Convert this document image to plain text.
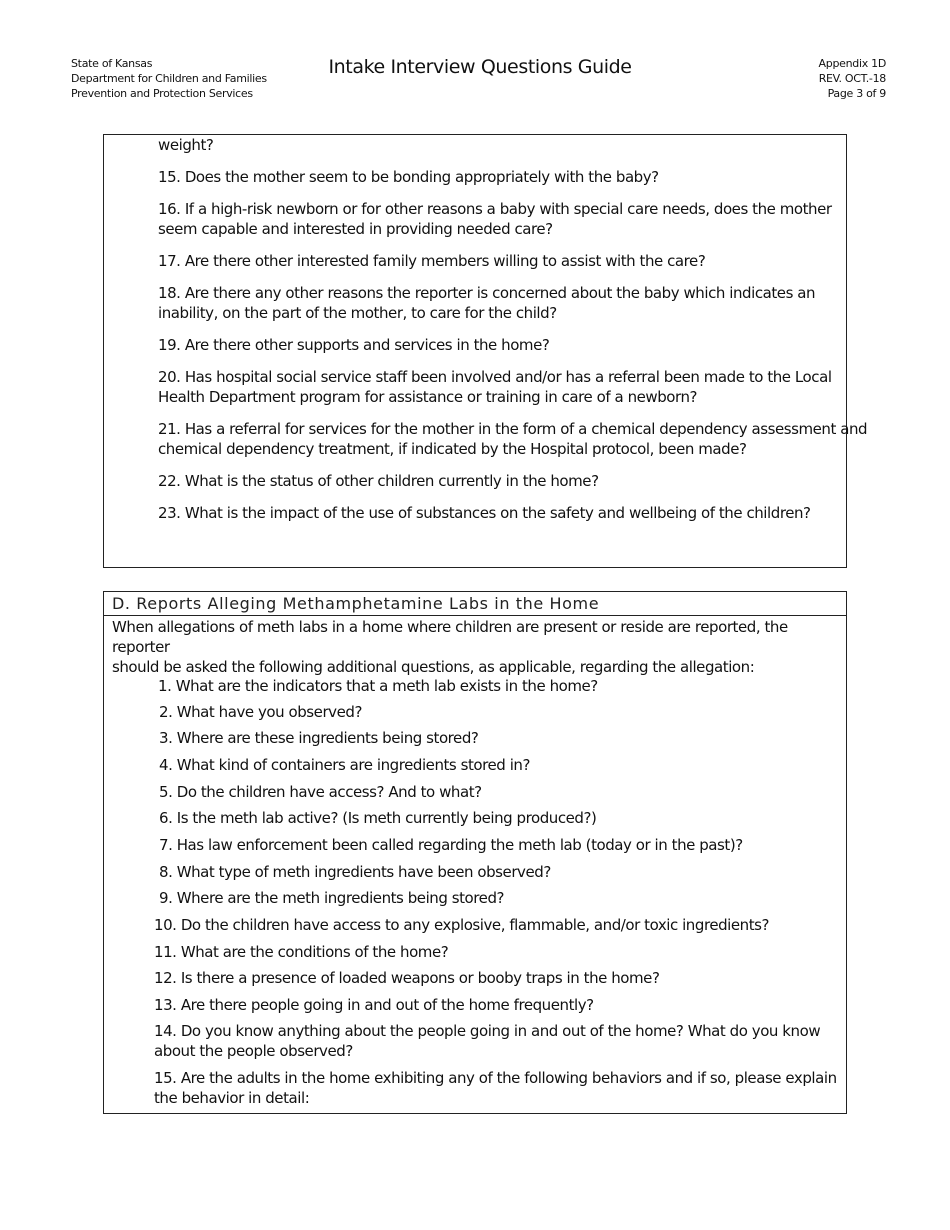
State of Kansas
Department for Children and Families
Prevention and Protection Services
Intake Interview Questions Guide	Appendix 1D
REV. OCT.-18
Page 3 of 9
weight?
15. Does the mother seem to be bonding appropriately with the baby?
16. If a high-risk newborn or for other reasons a baby with special care needs, does the mother
seem capable and interested in providing needed care?
17. Are there other interested family members willing to assist with the care?
18. Are there any other reasons the reporter is concerned about the baby which indicates an
inability, on the part of the mother, to care for the child?
19. Are there other supports and services in the home?
20. Has hospital social service staff been involved and/or has a referral been made to the Local
Health Department program for assistance or training in care of a newborn?
21. Has a referral for services for the mother in the form of a chemical dependency assessment and
chemical dependency treatment, if indicated by the Hospital protocol, been made?
22. What is the status of other children currently in the home?
23. What is the impact of the use of substances on the safety and wellbeing of the children?
D. Reports Alleging Methamphetamine Labs in the Home
When allegations of meth labs in a home where children are present or reside are reported, the reporter
should be asked the following additional questions, as applicable, regarding the allegation:
1. What are the indicators that a meth lab exists in the home?
2. What have you observed?
3. Where are these ingredients being stored?
4. What kind of containers are ingredients stored in?
5. Do the children have access? And to what?
6. Is the meth lab active? (Is meth currently being produced?)
7. Has law enforcement been called regarding the meth lab (today or in the past)?
8. What type of meth ingredients have been observed?
9. Where are the meth ingredients being stored?
10. Do the children have access to any explosive, flammable, and/or toxic ingredients?
11. What are the conditions of the home?
12. Is there a presence of loaded weapons or booby traps in the home?
13. Are there people going in and out of the home frequently?
14. Do you know anything about the people going in and out of the home? What do you know
about the people observed?
15. Are the adults in the home exhibiting any of the following behaviors and if so, please explain
the behavior in detail:
